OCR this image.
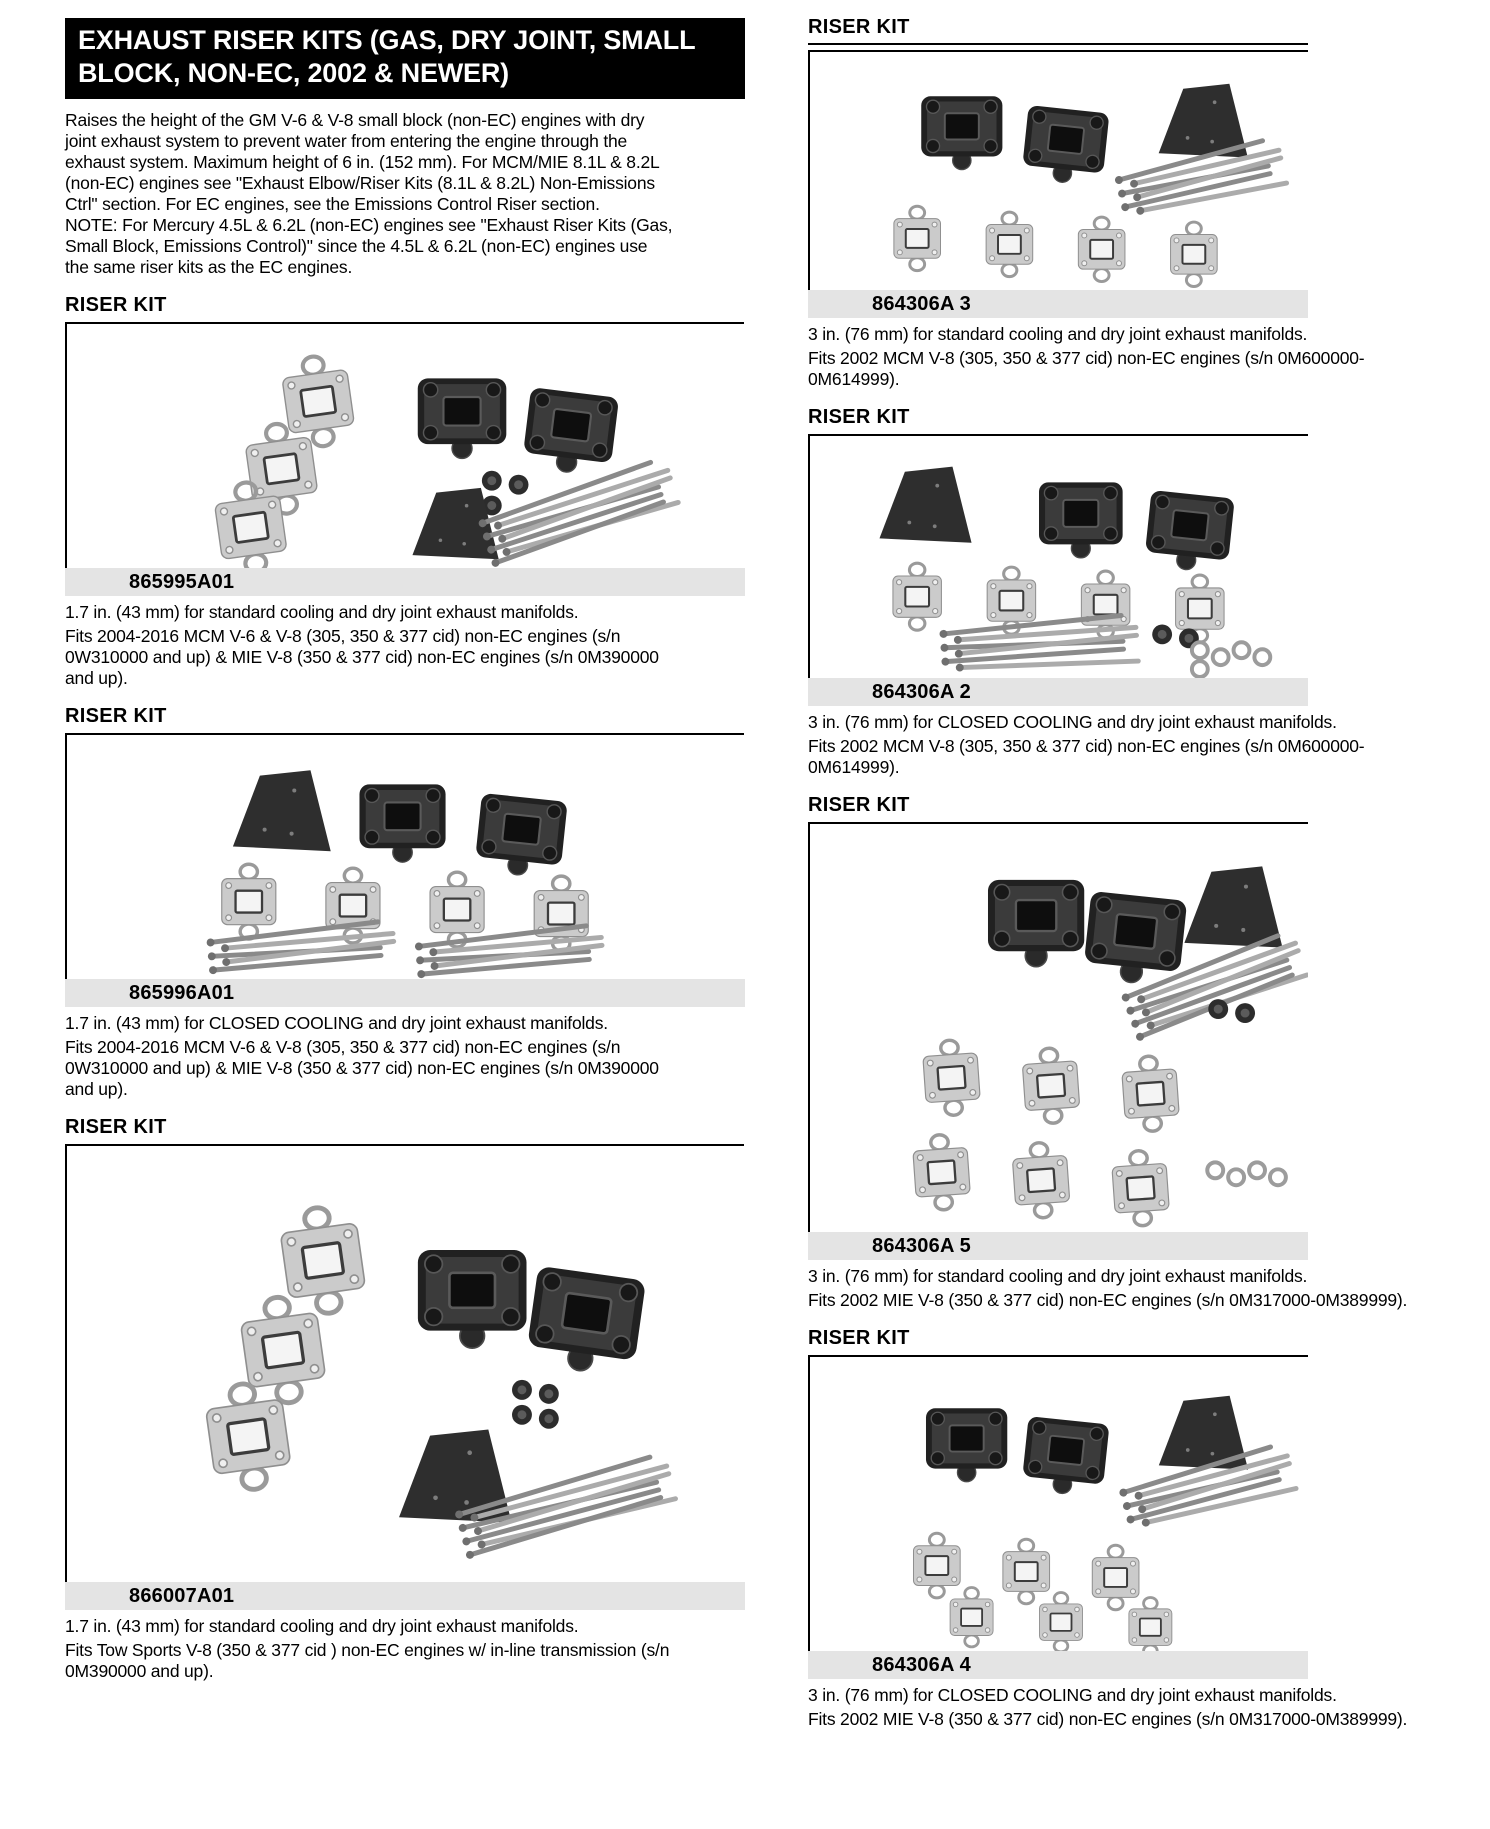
EXHAUST RISER KITS (GAS, DRY JOINT, SMALL BLOCK, NON-EC, 2002 & NEWER)

Raises the height of the GM V-6 & V-8 small block (non-EC) engines with dry joint exhaust system to prevent water from entering the engine through the exhaust system. Maximum height of 6 in. (152 mm). For MCM/MIE 8.1L & 8.2L (non-EC) engines see "Exhaust Elbow/Riser Kits (8.1L & 8.2L) Non-Emissions Ctrl" section. For EC engines, see the Emissions Control Riser section.

NOTE: For Mercury 4.5L & 6.2L (non-EC) engines see "Exhaust Riser Kits (Gas, Small Block, Emissions Control)" since the 4.5L & 6.2L (non-EC) engines use the same riser kits as the EC engines.

RISER KIT
865995A01

1.7 in. (43 mm) for standard cooling and dry joint exhaust manifolds.

Fits 2004-2016 MCM V-6 & V-8 (305, 350 & 377 cid) non-EC engines (s/n 0W310000 and up) & MIE V-8 (350 & 377 cid) non-EC engines (s/n 0M390000 and up).

RISER KIT
865996A01

1.7 in. (43 mm) for CLOSED COOLING and dry joint exhaust manifolds.

Fits 2004-2016 MCM V-6 & V-8 (305, 350 & 377 cid) non-EC engines (s/n 0W310000 and up) & MIE V-8 (350 & 377 cid) non-EC engines (s/n 0M390000 and up).

RISER KIT
866007A01

1.7 in. (43 mm) for standard cooling and dry joint exhaust manifolds.

Fits Tow Sports V-8 (350 & 377 cid ) non-EC engines w/ in-line transmission (s/n 0M390000 and up).

RISER KIT
864306A 3

3 in. (76 mm) for standard cooling and dry joint exhaust manifolds.

Fits 2002 MCM V-8 (305, 350 & 377 cid) non-EC engines (s/n 0M600000-0M614999).

RISER KIT
864306A 2

3 in. (76 mm) for CLOSED COOLING and dry joint exhaust manifolds.

Fits 2002 MCM V-8 (305, 350 & 377 cid) non-EC engines (s/n 0M600000-0M614999).

RISER KIT
864306A 5

3 in. (76 mm) for standard cooling and dry joint exhaust manifolds.

Fits 2002 MIE V-8 (350 & 377 cid) non-EC engines (s/n 0M317000-0M389999).

RISER KIT
864306A 4

3 in. (76 mm) for CLOSED COOLING and dry joint exhaust manifolds.

Fits 2002 MIE V-8 (350 & 377 cid) non-EC engines (s/n 0M317000-0M389999).
